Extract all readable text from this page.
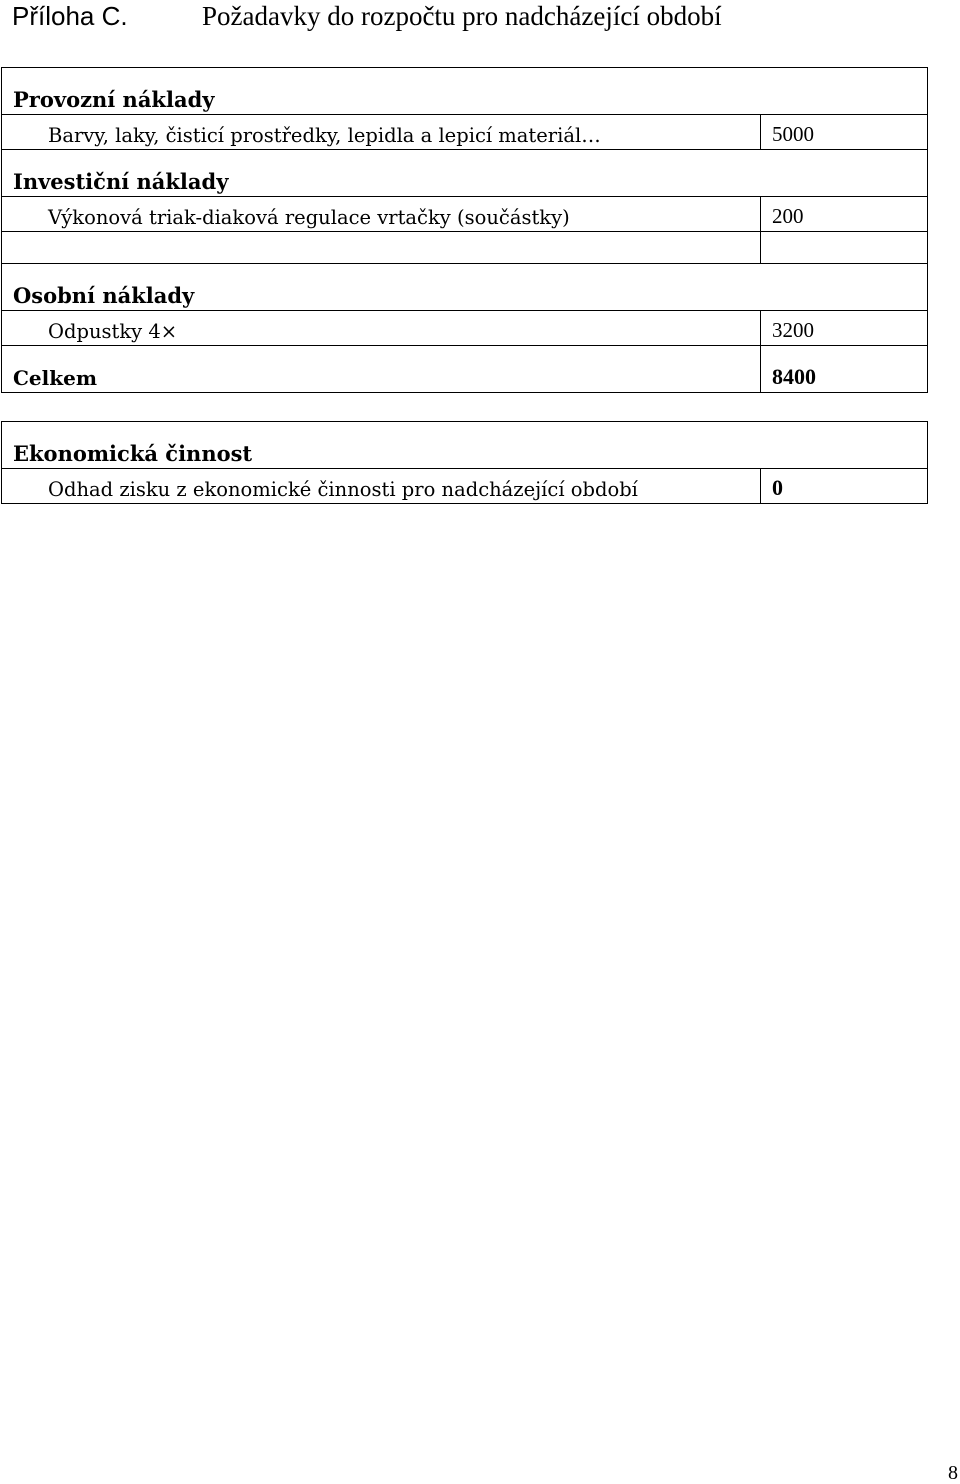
Příloha C.	Požadavky do rozpočtu pro nadcházející období
Provozní náklady	
Barvy, laky, čisticí prostředky, lepidla a lepicí materiál…	5000
Investiční náklady	
Výkonová triak-diaková regulace vrtačky (součástky)	200

Osobní náklady	
Odpustky 4×	3200
Celkem	8400
Ekonomická činnost
Odhad zisku z ekonomické činnosti pro nadcházející období	0
8
